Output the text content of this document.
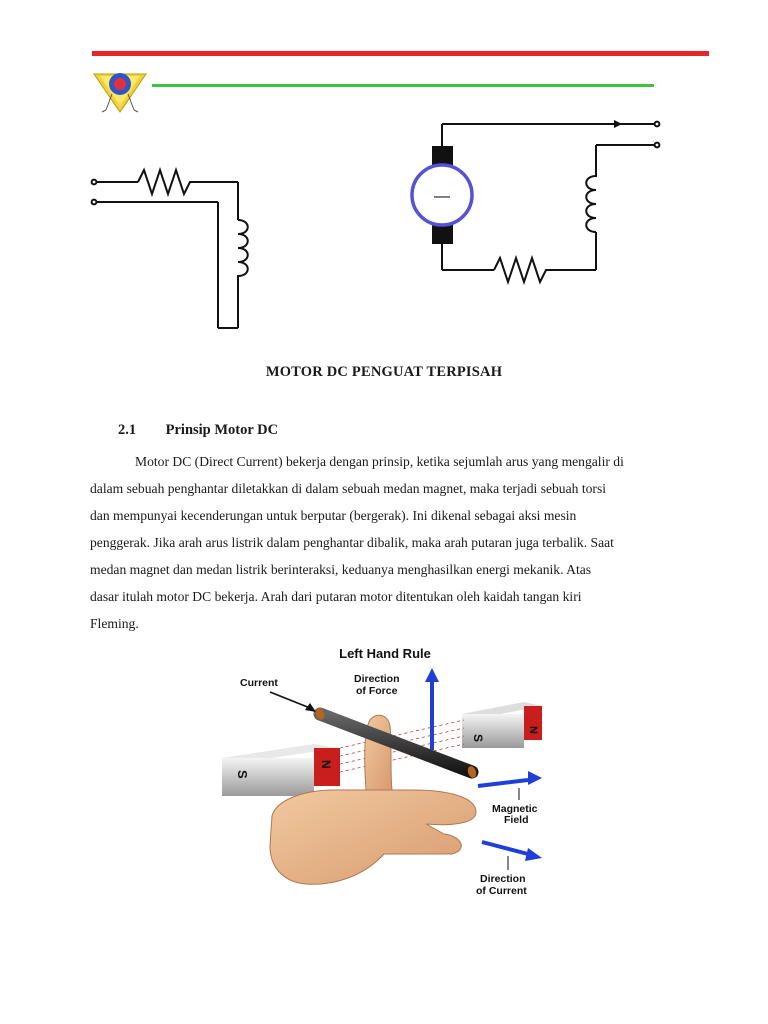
—
MOTOR DC PENGUAT TERPISAH
2.1 Prinsip Motor DC
Motor DC (Direct Current) bekerja dengan prinsip, ketika sejumlah arus yang mengalir di
dalam sebuah penghantar diletakkan di dalam sebuah medan magnet, maka terjadi sebuah torsi
dan mempunyai kecenderungan untuk berputar (bergerak). Ini dikenal sebagai aksi mesin
penggerak. Jika arah arus listrik dalam penghantar dibalik, maka arah putaran juga terbalik. Saat
medan magnet dan medan listrik berinteraksi, keduanya menghasilkan energi mekanik. Atas
dasar itulah motor DC bekerja. Arah dari putaran motor ditentukan oleh kaidah tangan kiri
Fleming.
Left Hand Rule
S
N
S
N
Current	Direction
of Force
Magnetic
Field
Direction
of Current
